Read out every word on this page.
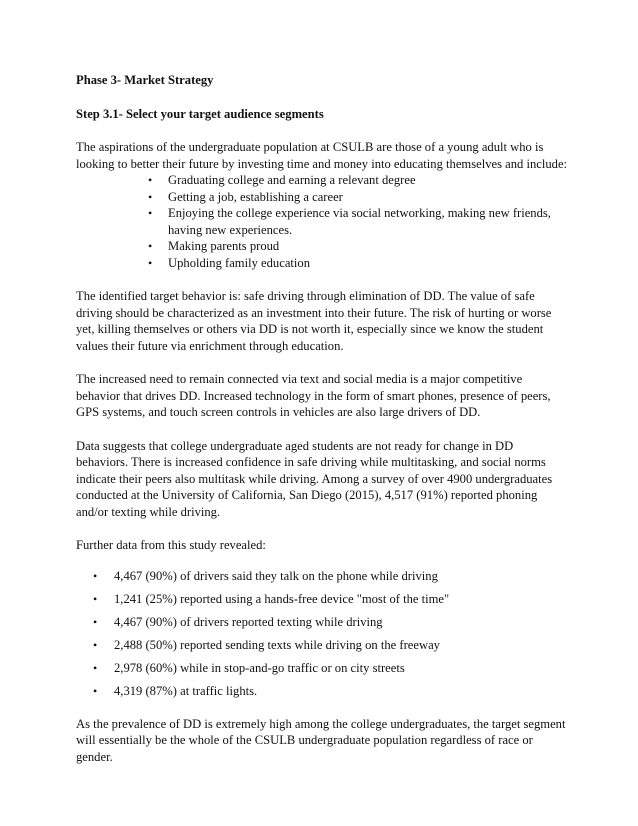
Phase 3- Market Strategy

Step 3.1- Select your target audience segments

The aspirations of the undergraduate population at CSULB are those of a young adult who is
looking to better their future by investing time and money into educating themselves and include:

• Graduating college and earning a relevant degree
• Getting a job, establishing a career
• Enjoying the college experience via social networking, making new friends,
having new experiences.
• Making parents proud
• Upholding family education

The identified target behavior is: safe driving through elimination of DD. The value of safe
driving should be characterized as an investment into their future. The risk of hurting or worse
yet, killing themselves or others via DD is not worth it, especially since we know the student
values their future via enrichment through education.

The increased need to remain connected via text and social media is a major competitive
behavior that drives DD. Increased technology in the form of smart phones, presence of peers,
GPS systems, and touch screen controls in vehicles are also large drivers of DD.

Data suggests that college undergraduate aged students are not ready for change in DD
behaviors. There is increased confidence in safe driving while multitasking, and social norms
indicate their peers also multitask while driving. Among a survey of over 4900 undergraduates
conducted at the University of California, San Diego (2015), 4,517 (91%) reported phoning
and/or texting while driving.

Further data from this study revealed:

• 4,467 (90%) of drivers said they talk on the phone while driving
• 1,241 (25%) reported using a hands-free device "most of the time"
• 4,467 (90%) of drivers reported texting while driving
• 2,488 (50%) reported sending texts while driving on the freeway
• 2,978 (60%) while in stop-and-go traffic or on city streets
• 4,319 (87%) at traffic lights.

As the prevalence of DD is extremely high among the college undergraduates, the target segment
will essentially be the whole of the CSULB undergraduate population regardless of race or
gender.
